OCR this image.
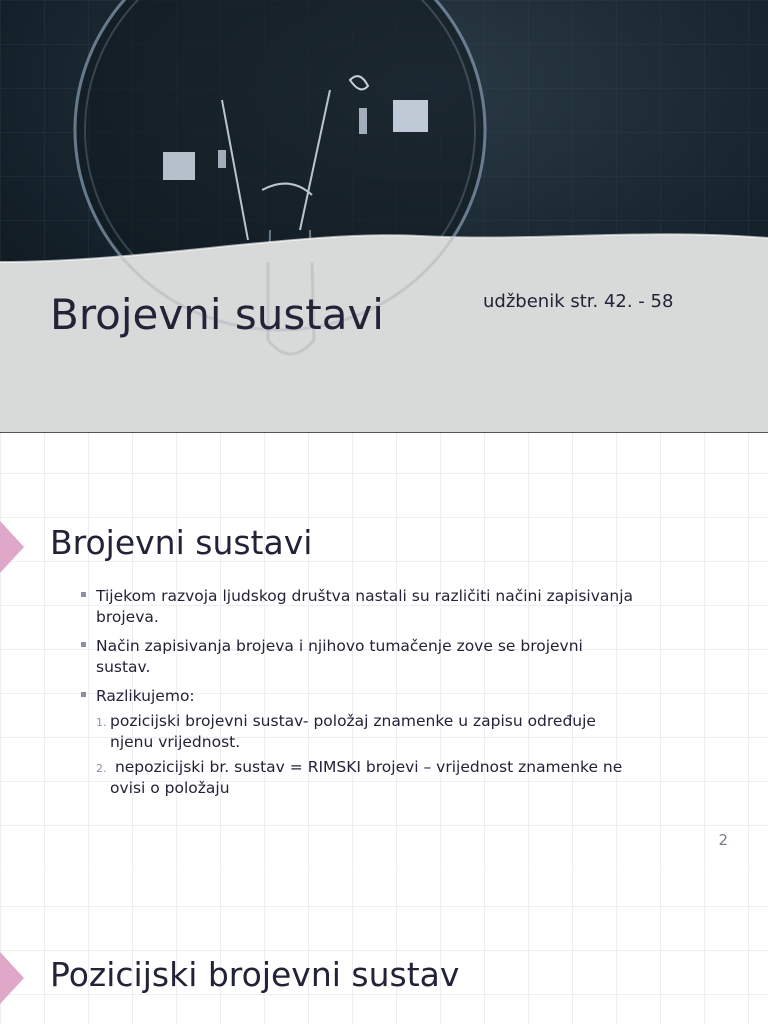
Brojevni sustavi	udžbenik str. 42. - 58
Brojevni sustavi
Tijekom razvoja ljudskog društva nastali su različiti načini zapisivanja brojeva.
Način zapisivanja brojeva i njihovo tumačenje zove se brojevni sustav.
Razlikujemo:
1. pozicijski brojevni sustav- položaj znamenke u zapisu određuje njenu vrijednost.
2. nepozicijski br. sustav = RIMSKI brojevi – vrijednost znamenke ne ovisi o položaju
2
Pozicijski brojevni sustav
